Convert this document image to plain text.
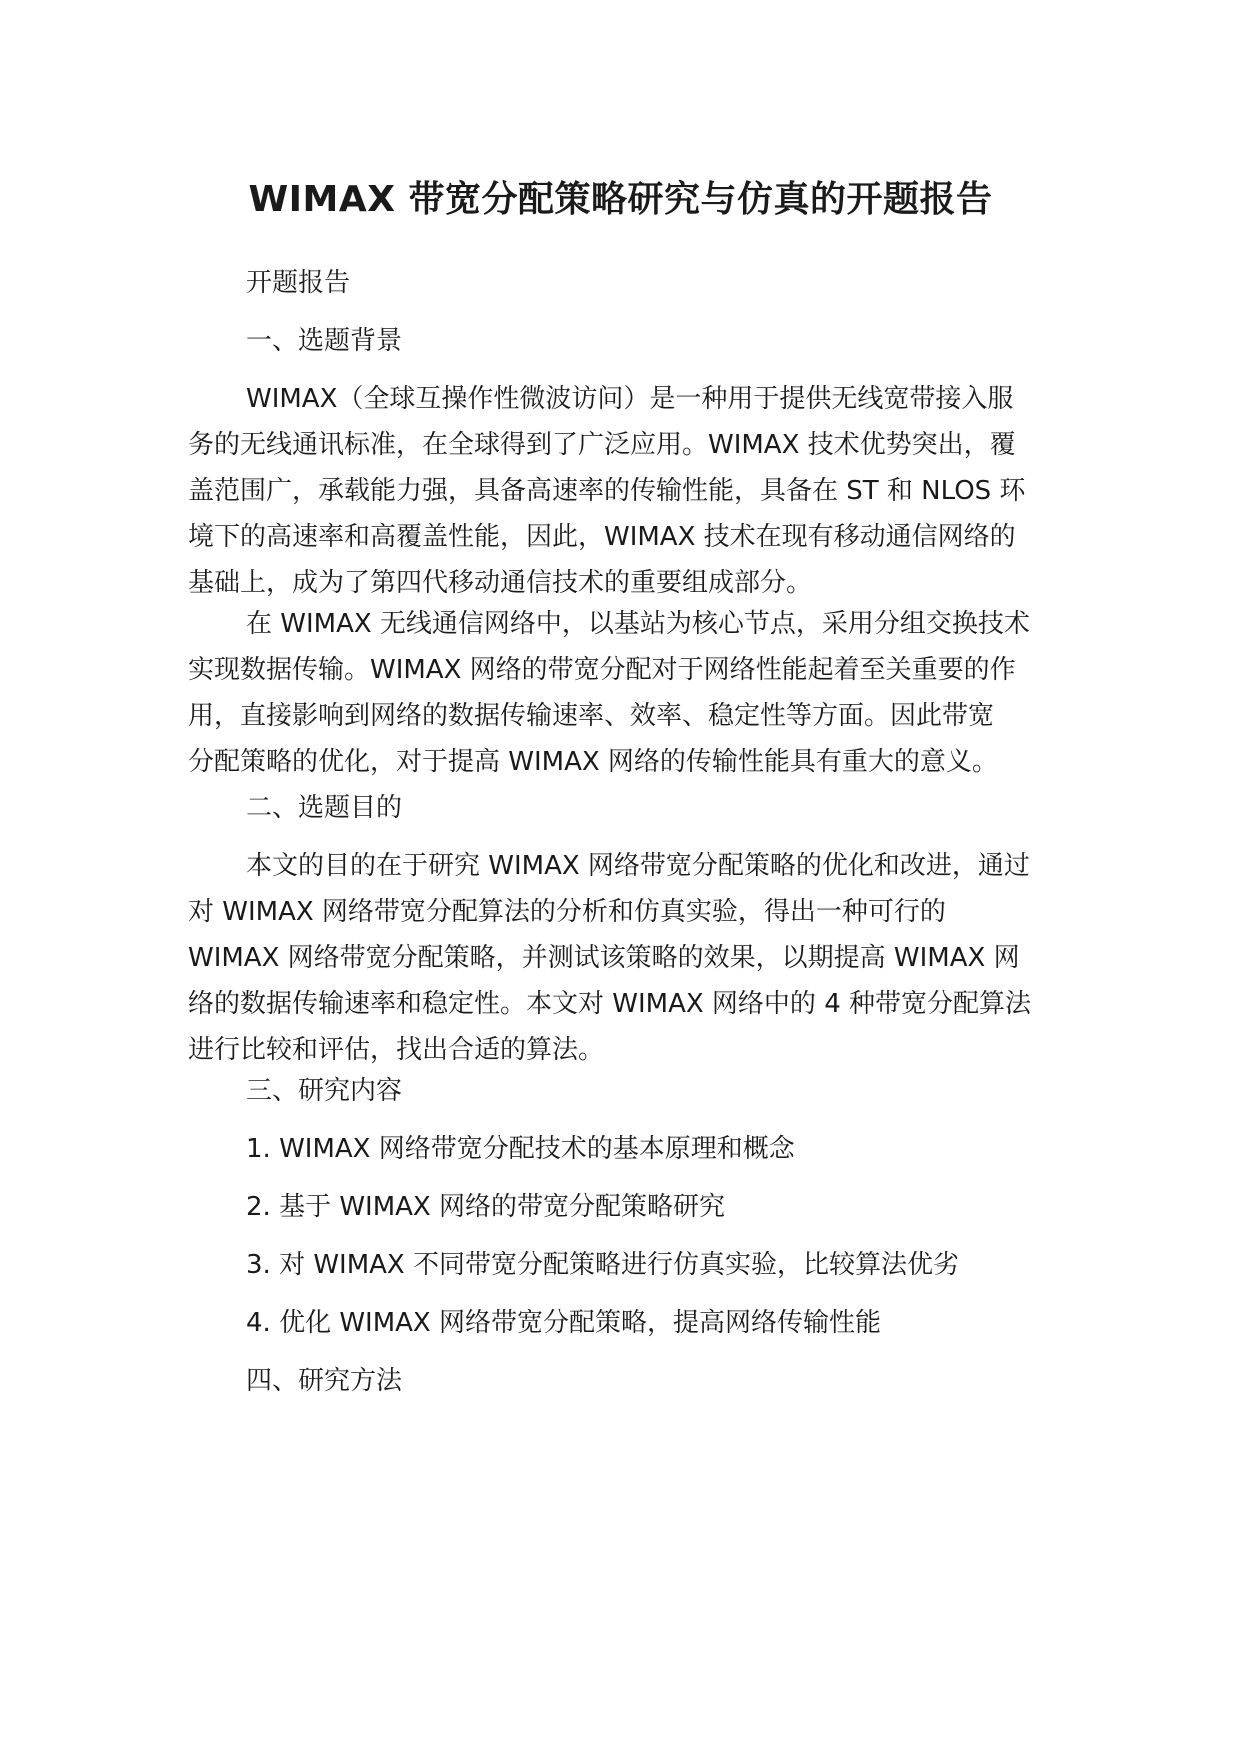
WIMAX 带宽分配策略研究与仿真的开题报告

开题报告

一、选题背景

WIMAX（全球互操作性微波访问）是一种用于提供无线宽带接入服
务的无线通讯标准，在全球得到了广泛应用。WIMAX 技术优势突出，覆
盖范围广，承载能力强，具备高速率的传输性能，具备在 ST 和 NLOS 环
境下的高速率和高覆盖性能，因此，WIMAX 技术在现有移动通信网络的
基础上，成为了第四代移动通信技术的重要组成部分。
在 WIMAX 无线通信网络中，以基站为核心节点，采用分组交换技术
实现数据传输。WIMAX 网络的带宽分配对于网络性能起着至关重要的作
用，直接影响到网络的数据传输速率、效率、稳定性等方面。因此带宽
分配策略的优化，对于提高 WIMAX 网络的传输性能具有重大的意义。

二、选题目的

本文的目的在于研究 WIMAX 网络带宽分配策略的优化和改进，通过
对 WIMAX 网络带宽分配算法的分析和仿真实验，得出一种可行的
WIMAX 网络带宽分配策略，并测试该策略的效果，以期提高 WIMAX 网
络的数据传输速率和稳定性。本文对 WIMAX 网络中的 4 种带宽分配算法
进行比较和评估，找出合适的算法。

三、研究内容

1. WIMAX 网络带宽分配技术的基本原理和概念

2. 基于 WIMAX 网络的带宽分配策略研究

3. 对 WIMAX 不同带宽分配策略进行仿真实验，比较算法优劣

4. 优化 WIMAX 网络带宽分配策略，提高网络传输性能

四、研究方法
